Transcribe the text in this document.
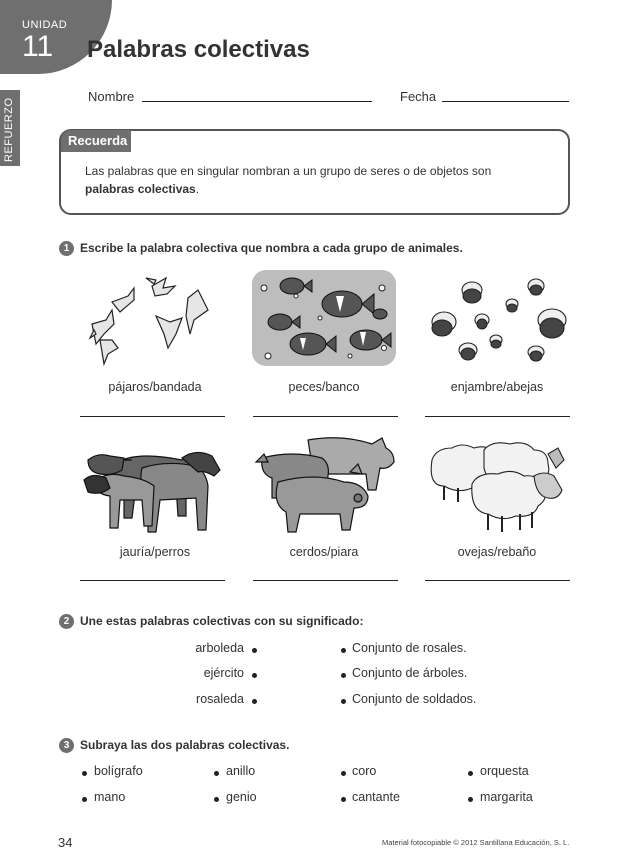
UNIDAD
11
REFUERZO
Palabras colectivas
Nombre	Fecha
Recuerda
Las palabras que en singular nombran a un grupo de seres o de objetos son palabras colectivas.
1 Escribe la palabra colectiva que nombra a cada grupo de animales.
pájaros/bandada	peces/banco	enjambre/abejas
jauría/perros	cerdos/piara	ovejas/rebaño
2 Une estas palabras colectivas con su significado:
arboleda
ejército
rosaleda
Conjunto de rosales.
Conjunto de árboles.
Conjunto de soldados.
3 Subraya las dos palabras colectivas.
bolígrafo	anillo	coro	orquesta
mano	genio	cantante	margarita
34	Material fotocopiable © 2012 Santillana Educación, S. L.
